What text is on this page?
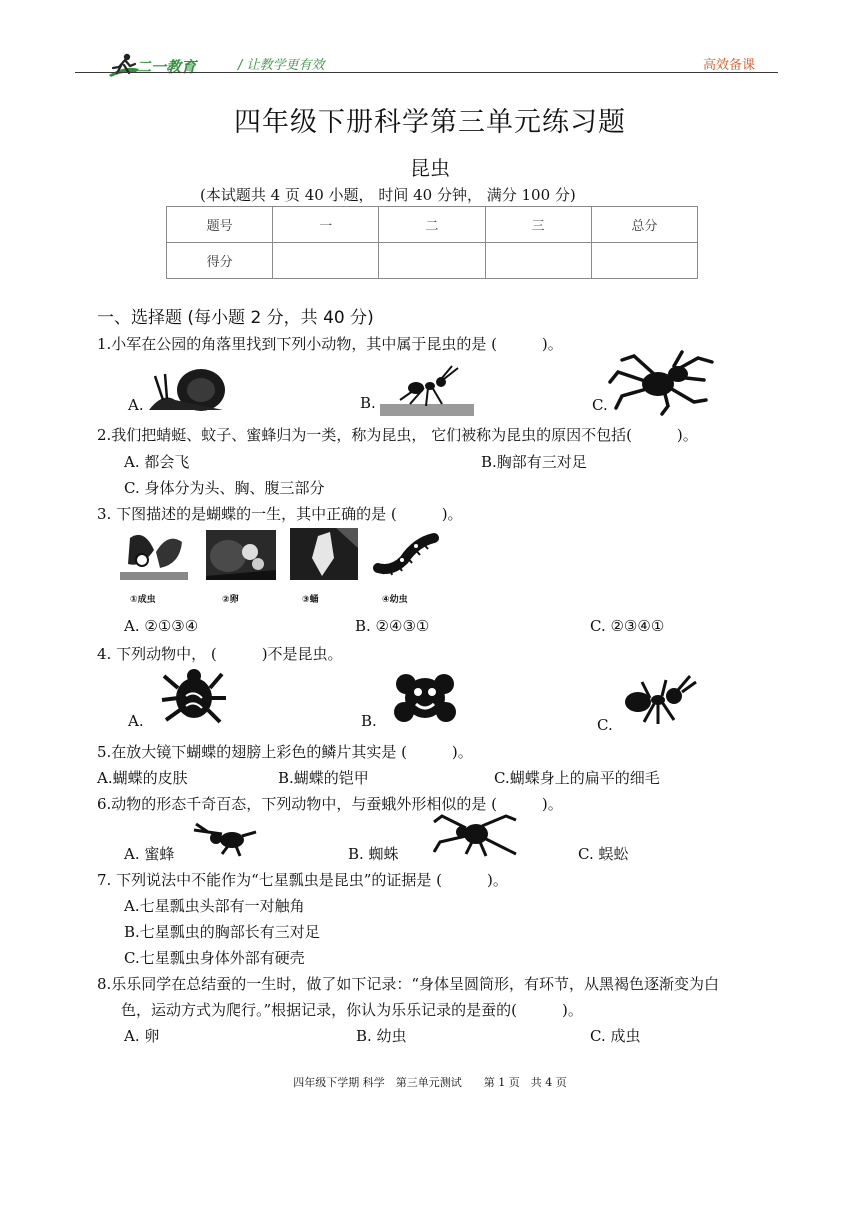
二一教育	/ 让教学更有效	高效备课
四年级下册科学第三单元练习题
昆虫
(本试题共 4 页 40 小题， 时间 40 分钟， 满分 100 分)
题号	一	二	三	总分
得分				
一、选择题 (每小题 2 分，共 40 分)
1.小军在公园的角落里找到下列小动物，其中属于昆虫的是 (　　　)。
A.	B.	C.
2.我们把蜻蜓、蚊子、蜜蜂归为一类，称为昆虫， 它们被称为昆虫的原因不包括(　　　)。
A. 都会飞	B.胸部有三对足
C. 身体分为头、胸、腹三部分
3. 下图描述的是蝴蝶的一生，其中正确的是 (　　　)。
①成虫	②卵	③蛹	④幼虫
A. ②①③④	B. ②④③①	C. ②③④①
4. 下列动物中， (　　　)不是昆虫。
A.	B.	C.
5.在放大镜下蝴蝶的翅膀上彩色的鳞片其实是 (　　　)。
A.蝴蝶的皮肤	B.蝴蝶的铠甲	C.蝴蝶身上的扁平的细毛
6.动物的形态千奇百态，下列动物中，与蚕蛾外形相似的是 (　　　)。
A. 蜜蜂	B. 蜘蛛	C. 蜈蚣
7. 下列说法中不能作为“七星瓢虫是昆虫”的证据是 (　　　)。
A.七星瓢虫头部有一对触角
B.七星瓢虫的胸部长有三对足
C.七星瓢虫身体外部有硬壳
8.乐乐同学在总结蚕的一生时，做了如下记录：“身体呈圆筒形，有环节，从黑褐色逐渐变为白
色，运动方式为爬行。”根据记录，你认为乐乐记录的是蚕的(　　　)。
A. 卵	B. 幼虫	C. 成虫
四年级下学期 科学　第三单元测试　　第 1 页　共 4 页
